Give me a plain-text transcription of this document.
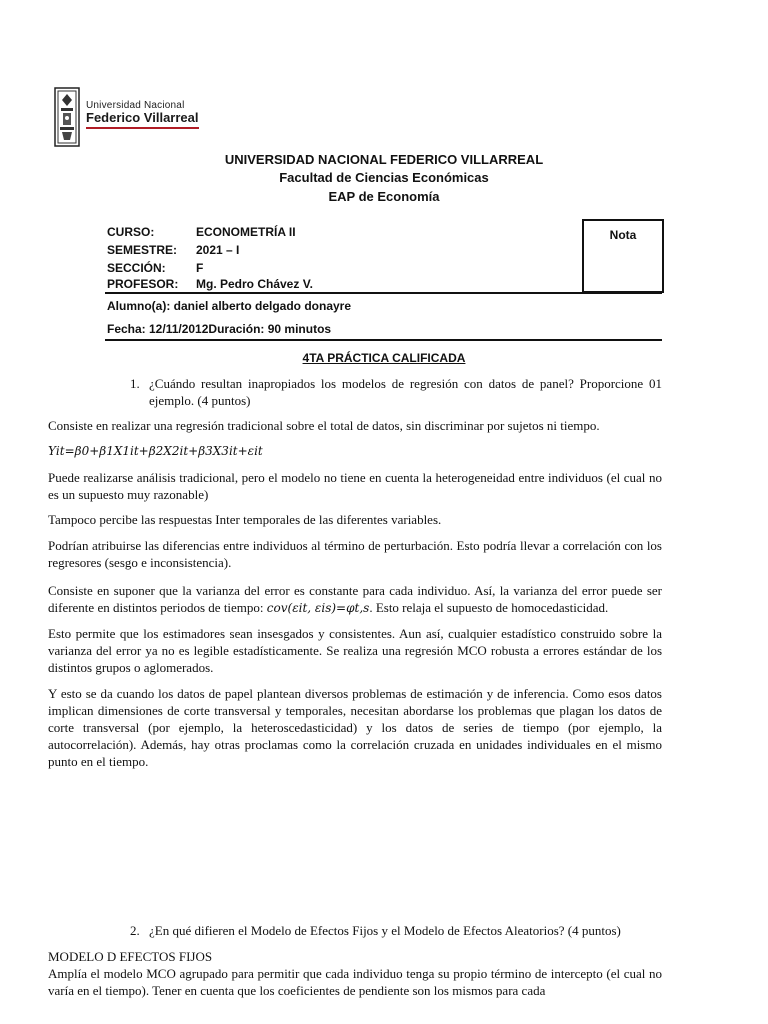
Universidad Nacional
Federico Villarreal
UNIVERSIDAD NACIONAL FEDERICO VILLARREAL
Facultad de Ciencias Económicas
EAP de Economía
CURSO:	ECONOMETRÍA II
SEMESTRE: 2021 – I
SECCIÓN:	F
PROFESOR: Mg. Pedro Chávez V.
Nota
Alumno(a): daniel alberto delgado donayre
Fecha: 12/11/2012Duración: 90 minutos
4TA PRÁCTICA CALIFICADA
1. ¿Cuándo resultan inapropiados los modelos de regresión con datos de panel? Proporcione 01 ejemplo. (4 puntos)
Consiste en realizar una regresión tradicional sobre el total de datos, sin discriminar por sujetos ni tiempo.
𝑌𝑖𝑡=𝛽0+𝛽1𝑋1𝑖𝑡+𝛽2𝑋2𝑖𝑡+𝛽3𝑋3𝑖𝑡+𝜀𝑖𝑡
Puede realizarse análisis tradicional, pero el modelo no tiene en cuenta la heterogeneidad entre individuos (el cual no es un supuesto muy razonable)
Tampoco percibe las respuestas Inter temporales de las diferentes variables.
Podrían atribuirse las diferencias entre individuos al término de perturbación. Esto podría llevar a correlación con los regresores (sesgo e inconsistencia).
Consiste en suponer que la varianza del error es constante para cada individuo. Así, la varianza del error puede ser diferente en distintos periodos de tiempo: 𝑐𝑜𝑣(𝜀𝑖𝑡, 𝜀𝑖𝑠)=𝜑𝑡,𝑠. Esto relaja el supuesto de homocedasticidad.
Esto permite que los estimadores sean insesgados y consistentes. Aun así, cualquier estadístico construido sobre la varianza del error ya no es legible estadísticamente. Se realiza una regresión MCO robusta a errores estándar de los distintos grupos o aglomerados.
Y esto se da cuando los datos de papel plantean diversos problemas de estimación y de inferencia. Como esos datos implican dimensiones de corte transversal y temporales, necesitan abordarse los problemas que plagan los datos de corte transversal (por ejemplo, la heteroscedasticidad) y los datos de series de tiempo (por ejemplo, la autocorrelación). Además, hay otras proclamas como la correlación cruzada en unidades individuales en el mismo punto en el tiempo.
2. ¿En qué difieren el Modelo de Efectos Fijos y el Modelo de Efectos Aleatorios? (4 puntos)
MODELO D EFECTOS FIJOS
Amplía el modelo MCO agrupado para permitir que cada individuo tenga su propio término de intercepto (el cual no varía en el tiempo). Tener en cuenta que los coeficientes de pendiente son los mismos para cada
